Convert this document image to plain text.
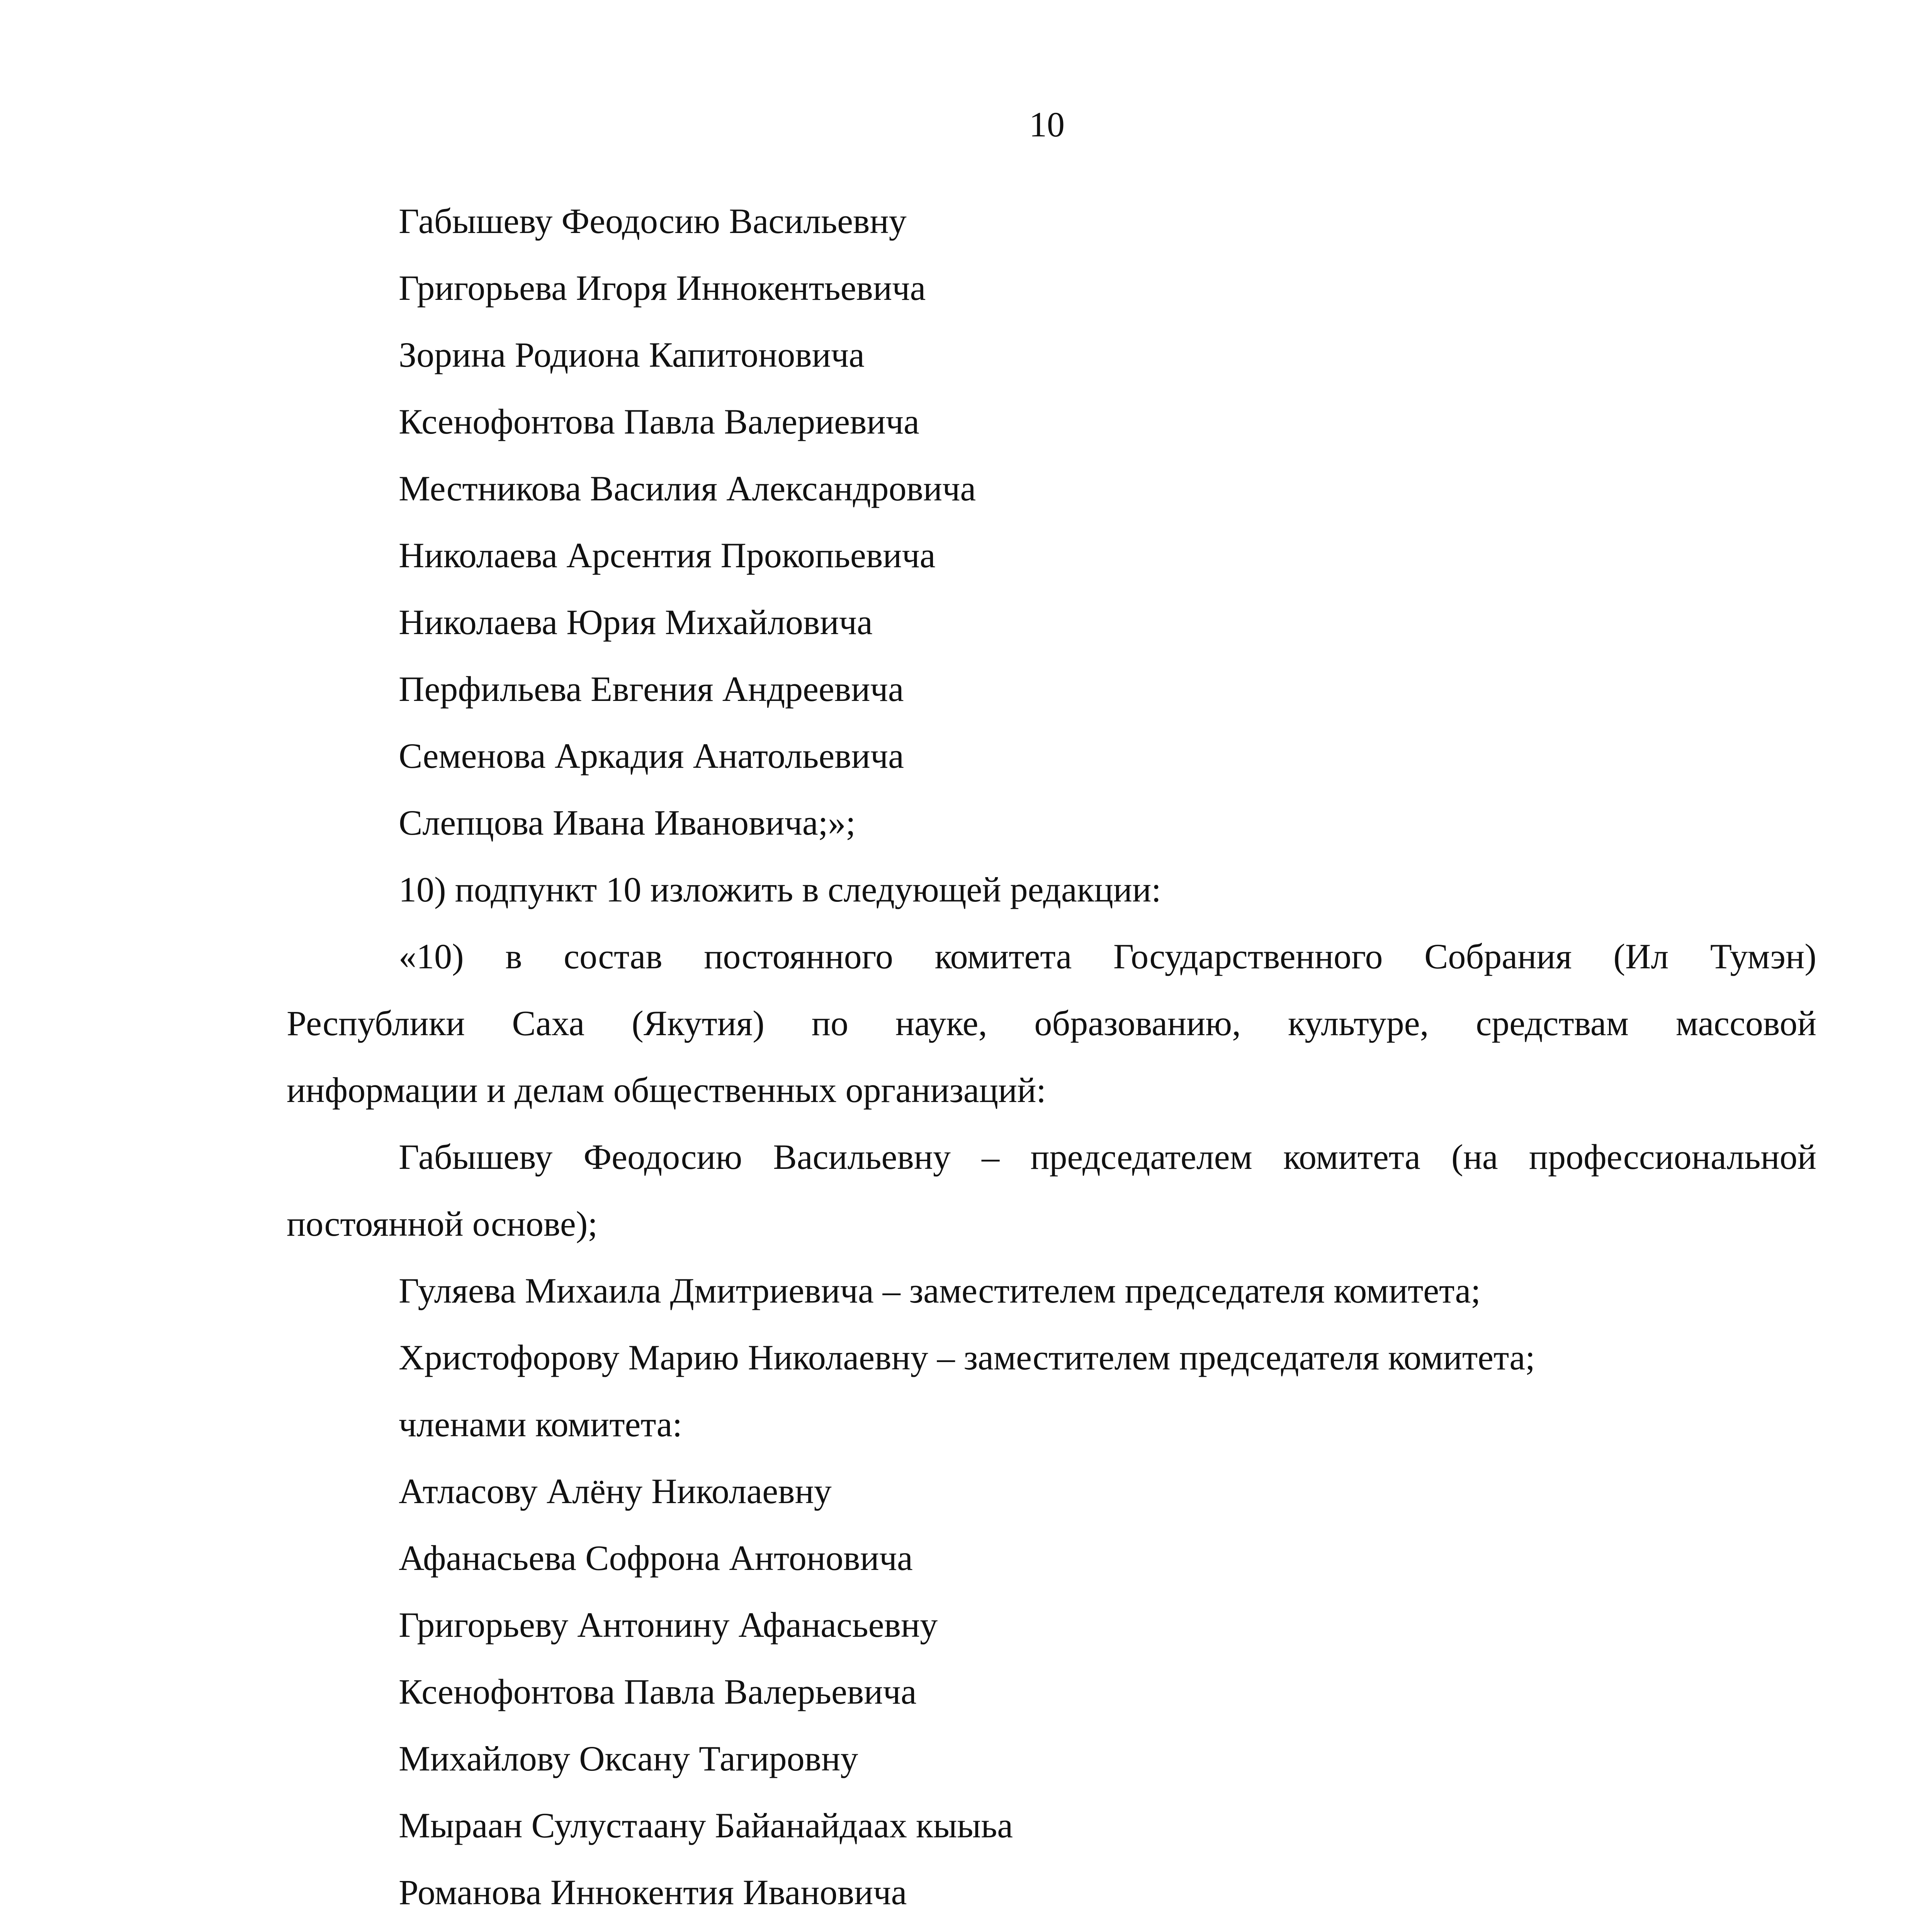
10
Габышеву Феодосию Васильевну
Григорьева Игоря Иннокентьевича
Зорина Родиона Капитоновича
Ксенофонтова Павла Валериевича
Местникова Василия Александровича
Николаева Арсентия Прокопьевича
Николаева Юрия Михайловича
Перфильева Евгения Андреевича
Семенова Аркадия Анатольевича
Слепцова Ивана Ивановича;»;
10) подпункт 10 изложить в следующей редакции:
«10) в состав постоянного комитета Государственного Собрания (Ил Тумэн)
Республики Саха (Якутия) по науке, образованию, культуре, средствам массовой
информации и делам общественных организаций:
Габышеву Феодосию Васильевну – председателем комитета (на профессиональной
постоянной основе);
Гуляева Михаила Дмитриевича – заместителем председателя комитета;
Христофорову Марию Николаевну – заместителем председателя комитета;
членами комитета:
Атласову Алёну Николаевну
Афанасьева Софрона Антоновича
Григорьеву Антонину Афанасьевну
Ксенофонтова Павла Валерьевича
Михайлову Оксану Тагировну
Мыраан Сулустаану Байанайдаах кыыьа
Романова Иннокентия Ивановича
